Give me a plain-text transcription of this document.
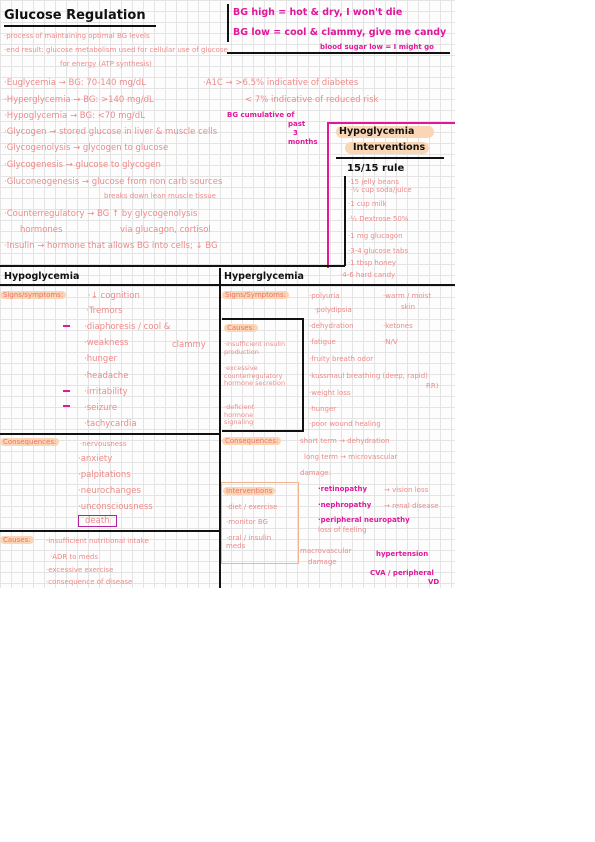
Glucose Regulation	BG high = hot & dry, I won't die
BG low = cool & clammy, give me candy
blood sugar low = I might go
·process of maintaining optimal BG levels
·end result: glucose metabolism used for cellular use of glucose
for energy (ATP synthesis)
·Euglycemia → BG: 70-140 mg/dL
·Hyperglycemia → BG: >140 mg/dL
·Hypoglycemia → BG: <70 mg/dL
·Glycogen → stored glucose in liver & muscle cells
·Glycogenolysis → glycogen to glucose
·Glycogenesis → glucose to glycogen
·Gluconeogenesis → glucose from non carb sources
breaks down lean muscle tissue
·Counterregulatory → BG ↑ by glycogenolysis
hormones	via glucagon, cortisol
·Insulin → hormone that allows BG into cells; ↓ BG
·A1C → >6.5% indicative of diabetes
< 7% indicative of reduced risk
BG cumulative of
past
3
months
Hypoglycemia
Interventions
15/15 rule
·15 jelly beans
·½ cup soda/juice
·1 cup milk
·½ Dextrose 50%
·1 mg glucagon
·3-4 glucose tabs
·1 tbsp honey
·4-6 hard candy
Hypoglycemia
Signs/symptoms:	·↓ cognition
·Tremors
·diaphoresis / cool &
·weakness	clammy
·hunger
·headache
·irritability
·seizure
·tachycardia
Consequences:	·nervousness
·anxiety
·palpitations
·neurochanges
·unconsciousness
death
Causes:	·insufficient nutritional intake
·ADR to meds
·excessive exercise
·consequence of disease
Hyperglycemia
Signs/Symptoms:	·polyuria
·polydipsia
·dehydration
·fatigue
·fruity breath odor
·kussmaul breathing (deep, rapid)
RR)
·weight loss
·hunger
·poor wound healing
·warm / moist
skin
·ketones
·N/V
Causes:
·insufficient insulin production
·excessive counterregulatory hormone secretion
·deficient hormone signaling
Consequences:	short term → dehydration
long term → microvascular
damage:
·retinopathy → vision loss
·nephropathy → renal disease
·peripheral neuropathy
loss of feeling
macrovascular
damage
hypertension
CVA / peripheral
VD
Interventions
·diet / exercise
·monitor BG
·oral / insulin meds
